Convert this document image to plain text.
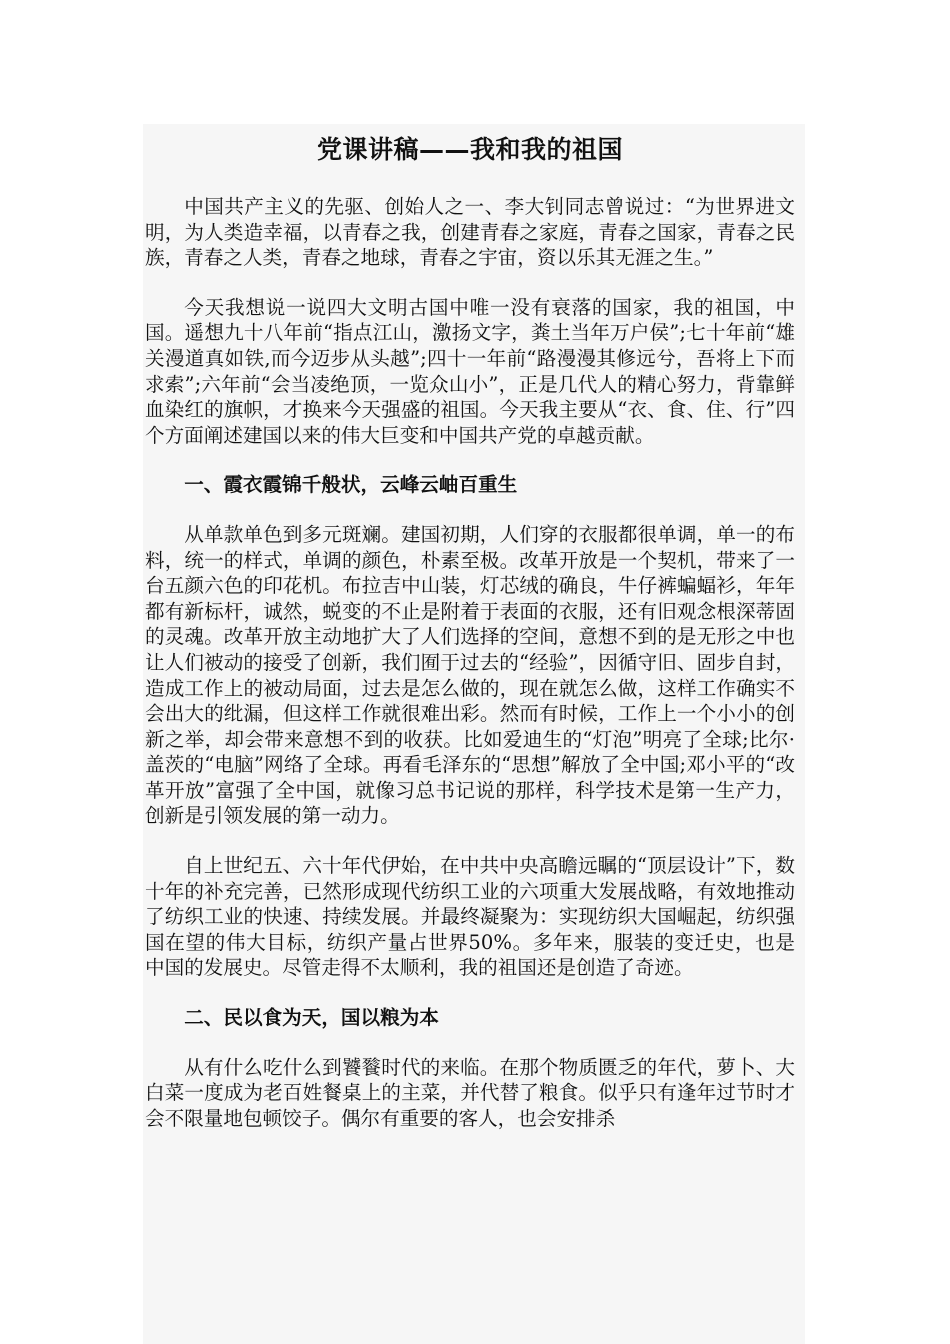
党课讲稿——我和我的祖国

中国共产主义的先驱、创始人之一、李大钊同志曾说过：“为世界进文明，为人类造幸福，以青春之我，创建青春之家庭，青春之国家，青春之民族，青春之人类，青春之地球，青春之宇宙，资以乐其无涯之生。”

今天我想说一说四大文明古国中唯一没有衰落的国家，我的祖国，中国。遥想九十八年前“指点江山，激扬文字，粪土当年万户侯”;七十年前“雄关漫道真如铁,而今迈步从头越”;四十一年前“路漫漫其修远兮，吾将上下而求索”;六年前“会当凌绝顶，一览众山小”，正是几代人的精心努力，背靠鲜血染红的旗帜，才换来今天强盛的祖国。今天我主要从“衣、食、住、行”四个方面阐述建国以来的伟大巨变和中国共产党的卓越贡献。

一、霞衣霞锦千般状，云峰云岫百重生

从单款单色到多元斑斓。建国初期，人们穿的衣服都很单调，单一的布料，统一的样式，单调的颜色，朴素至极。改革开放是一个契机，带来了一台五颜六色的印花机。布拉吉中山装，灯芯绒的确良，牛仔裤蝙蝠衫，年年都有新标杆，诚然，蜕变的不止是附着于表面的衣服，还有旧观念根深蒂固的灵魂。改革开放主动地扩大了人们选择的空间，意想不到的是无形之中也让人们被动的接受了创新，我们囿于过去的“经验”，因循守旧、固步自封，造成工作上的被动局面，过去是怎么做的，现在就怎么做，这样工作确实不会出大的纰漏，但这样工作就很难出彩。然而有时候，工作上一个小小的创新之举，却会带来意想不到的收获。比如爱迪生的“灯泡”明亮了全球;比尔·盖茨的“电脑”网络了全球。再看毛泽东的“思想”解放了全中国;邓小平的“改革开放”富强了全中国，就像习总书记说的那样，科学技术是第一生产力，创新是引领发展的第一动力。

自上世纪五、六十年代伊始，在中共中央高瞻远瞩的“顶层设计”下，数十年的补充完善，已然形成现代纺织工业的六项重大发展战略，有效地推动了纺织工业的快速、持续发展。并最终凝聚为：实现纺织大国崛起，纺织强国在望的伟大目标，纺织产量占世界50%。多年来，服装的变迁史，也是中国的发展史。尽管走得不太顺利，我的祖国还是创造了奇迹。

二、民以食为天，国以粮为本

从有什么吃什么到饕餮时代的来临。在那个物质匮乏的年代，萝卜、大白菜一度成为老百姓餐桌上的主菜，并代替了粮食。似乎只有逢年过节时才会不限量地包顿饺子。偶尔有重要的客人，也会安排杀
